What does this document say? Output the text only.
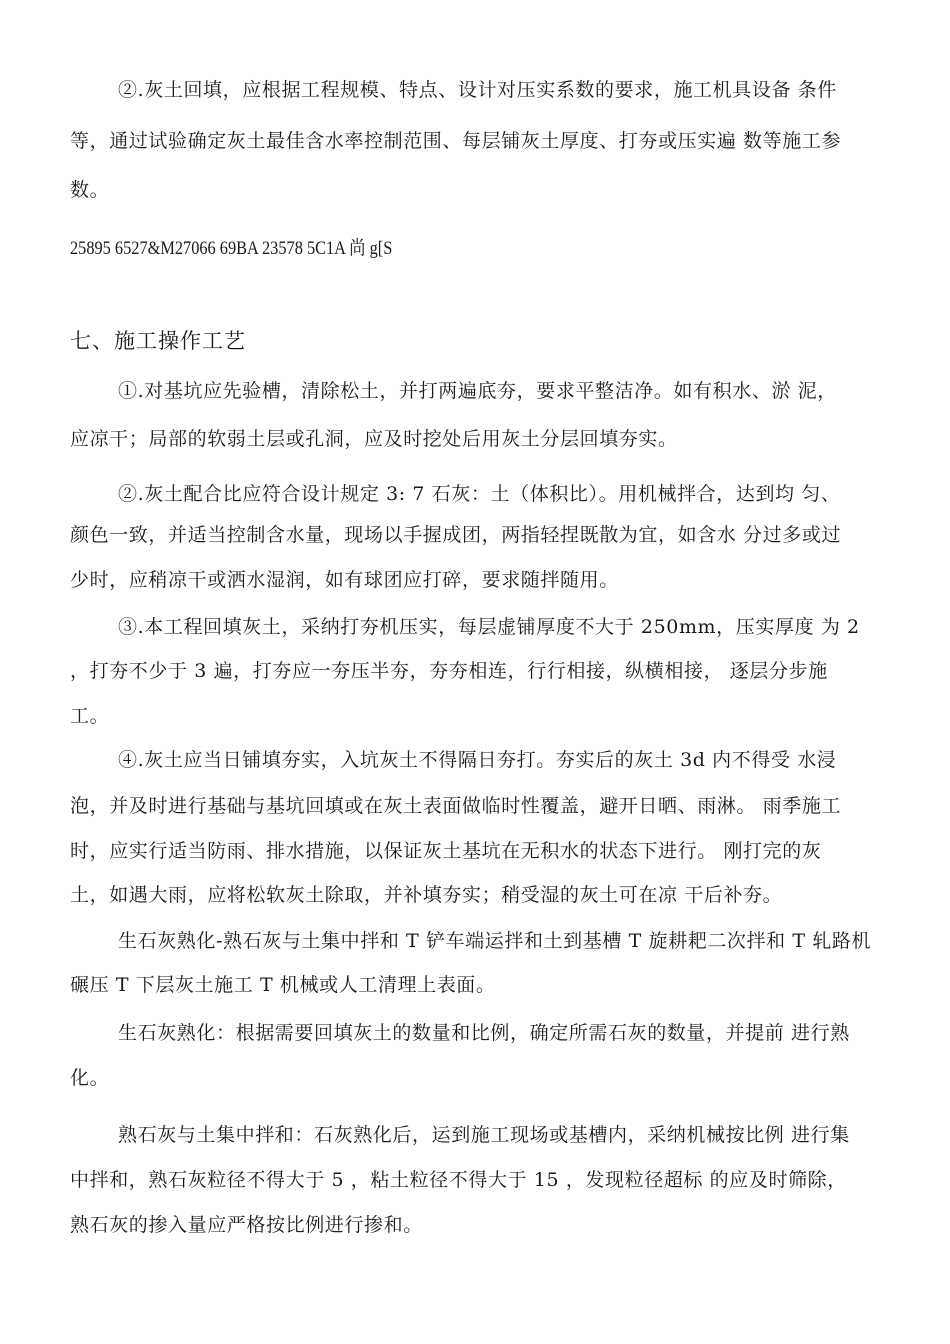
②.灰土回填，应根据工程规模、特点、设计对压实系数的要求，施工机具设备 条件
等，通过试验确定灰土最佳含水率控制范围、每层铺灰土厚度、打夯或压实遍 数等施工参
数。
25895 6527&M27066 69BA 23578 5C1A 尚 g[S
七、施工操作工艺
①.对基坑应先验槽，清除松土，并打两遍底夯，要求平整洁净。如有积水、淤 泥，
应凉干；局部的软弱土层或孔洞，应及时挖处后用灰土分层回填夯实。
②.灰土配合比应符合设计规定 3: 7 石灰：土（体积比）。用机械拌合，达到均 匀、
颜色一致，并适当控制含水量，现场以手握成团，两指轻捏既散为宜，如含水 分过多或过
少时，应稍凉干或洒水湿润，如有球团应打碎，要求随拌随用。
③.本工程回填灰土，采纳打夯机压实，每层虚铺厚度不大于 250mm，压实厚度 为 2
，打夯不少于 3 遍，打夯应一夯压半夯，夯夯相连，行行相接，纵横相接， 逐层分步施
工。
④.灰土应当日铺填夯实，入坑灰土不得隔日夯打。夯实后的灰土 3d 内不得受 水浸
泡，并及时进行基础与基坑回填或在灰土表面做临时性覆盖，避开日晒、雨淋。 雨季施工
时，应实行适当防雨、排水措施，以保证灰土基坑在无积水的状态下进行。 刚打完的灰
土，如遇大雨，应将松软灰土除取，并补填夯实；稍受湿的灰土可在凉 干后补夯。
生石灰熟化-熟石灰与土集中拌和 T 铲车端运拌和土到基槽 T 旋耕耙二次拌和 T 轧路机
碾压 T 下层灰土施工 T 机械或人工清理上表面。
生石灰熟化：根据需要回填灰土的数量和比例，确定所需石灰的数量，并提前 进行熟
化。
熟石灰与土集中拌和：石灰熟化后，运到施工现场或基槽内，采纳机械按比例 进行集
中拌和，熟石灰粒径不得大于 5 ，粘土粒径不得大于 15 ，发现粒径超标 的应及时筛除，
熟石灰的掺入量应严格按比例进行掺和。
